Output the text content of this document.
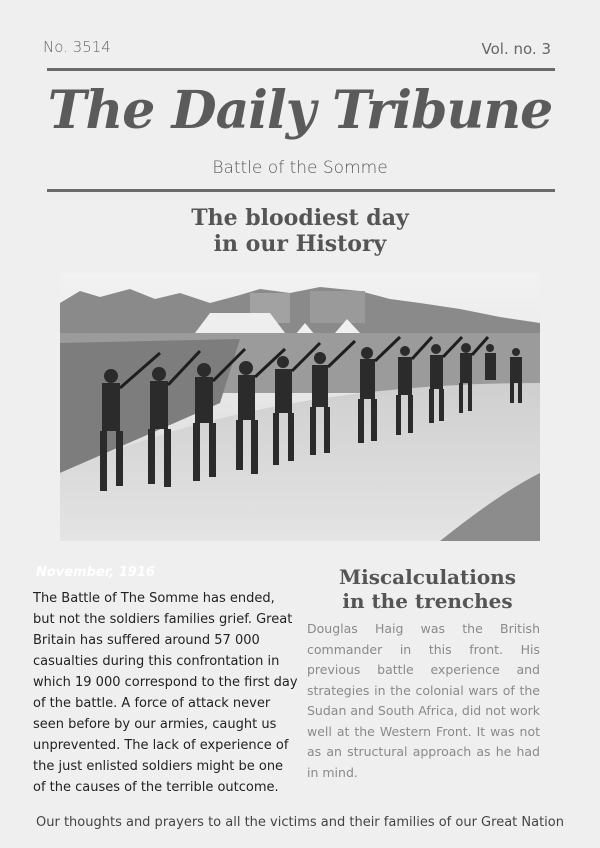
No. 3514	Vol. no. 3
The Daily Tribune
Battle of the Somme
The bloodiest day
in our History
November, 1916
The Battle of The Somme has ended, but not the soldiers families grief. Great Britain has suffered around 57 000 casualties during this confrontation in which 19 000 correspond to the first day of the battle. A force of attack never seen before by our armies, caught us unprevented. The lack of experience of the just enlisted soldiers might be one of the causes of the terrible outcome.
Miscalculations
in the trenches
Douglas Haig was the British commander in this front. His previous battle experience and strategies in the colonial wars of the Sudan and South Africa, did not work well at the Western Front. It was not as an structural approach as he had in mind.
Our thoughts and prayers to all the victims and their families of our Great Nation
